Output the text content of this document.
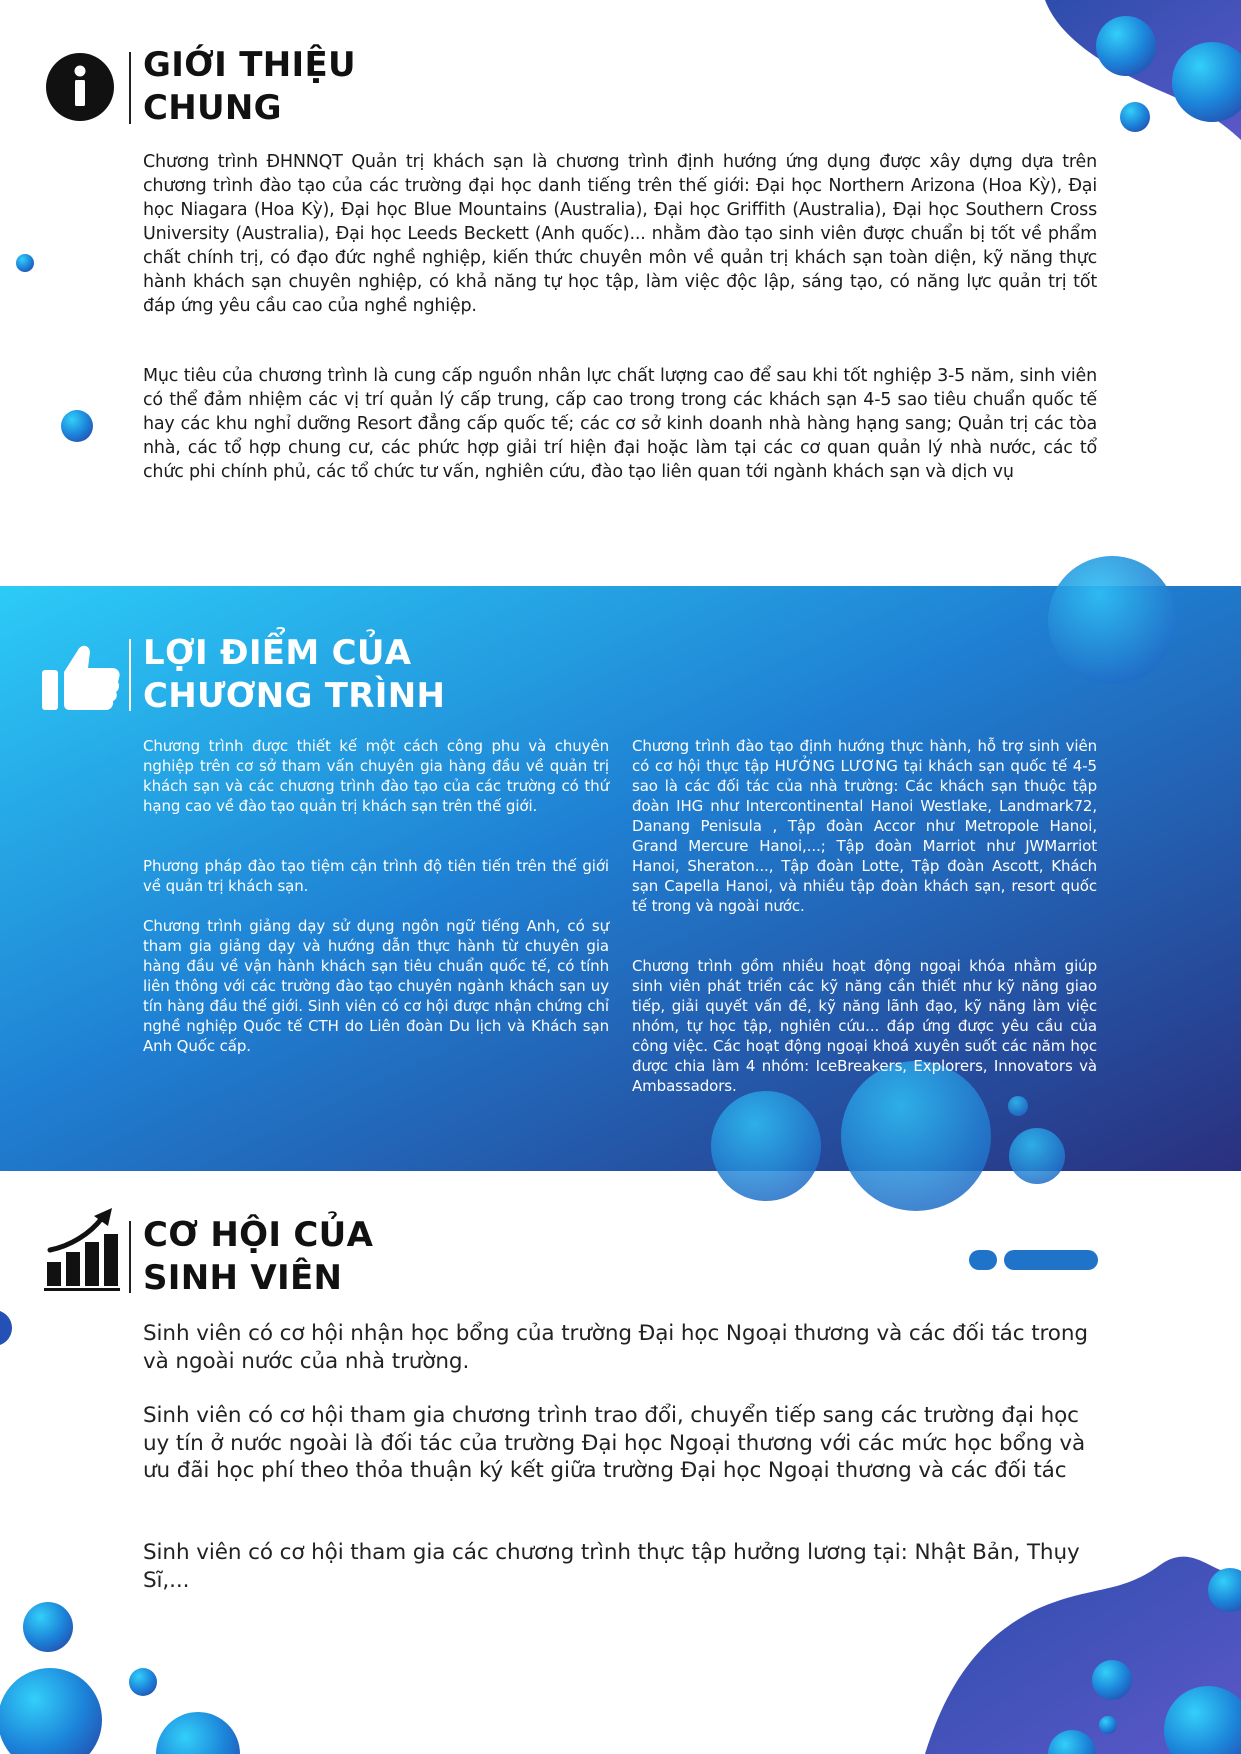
GIỚI THIỆU
CHUNG

Chương trình ĐHNNQT Quản trị khách sạn là chương trình định hướng ứng dụng được xây dựng dựa trên chương trình đào tạo của các trường đại học danh tiếng trên thế giới: Đại học Northern Arizona (Hoa Kỳ), Đại học Niagara (Hoa Kỳ), Đại học Blue Mountains (Australia), Đại học Griffith (Australia), Đại học Southern Cross University (Australia), Đại học Leeds Beckett (Anh quốc)... nhằm đào tạo sinh viên được chuẩn bị tốt về phẩm chất chính trị, có đạo đức nghề nghiệp, kiến thức chuyên môn về quản trị khách sạn toàn diện, kỹ năng thực hành khách sạn chuyên nghiệp, có khả năng tự học tập, làm việc độc lập, sáng tạo, có năng lực quản trị tốt đáp ứng yêu cầu cao của nghề nghiệp.

Mục tiêu của chương trình là cung cấp nguồn nhân lực chất lượng cao để sau khi tốt nghiệp 3-5 năm, sinh viên có thể đảm nhiệm các vị trí quản lý cấp trung, cấp cao trong trong các khách sạn 4-5 sao tiêu chuẩn quốc tế hay các khu nghỉ dưỡng Resort đẳng cấp quốc tế; các cơ sở kinh doanh nhà hàng hạng sang; Quản trị các tòa nhà, các tổ hợp chung cư, các phức hợp giải trí hiện đại hoặc làm tại các cơ quan quản lý nhà nước, các tổ chức phi chính phủ, các tổ chức tư vấn, nghiên cứu, đào tạo liên quan tới ngành khách sạn và dịch vụ

LỢI ĐIỂM CỦA
CHƯƠNG TRÌNH

Chương trình được thiết kế một cách công phu và chuyên nghiệp trên cơ sở tham vấn chuyên gia hàng đầu về quản trị khách sạn và các chương trình đào tạo của các trường có thứ hạng cao về đào tạo quản trị khách sạn trên thế giới.

Phương pháp đào tạo tiệm cận trình độ tiên tiến trên thế giới về quản trị khách sạn.

Chương trình giảng dạy sử dụng ngôn ngữ tiếng Anh, có sự tham gia giảng dạy và hướng dẫn thực hành từ chuyên gia hàng đầu về vận hành khách sạn tiêu chuẩn quốc tế, có tính liên thông với các trường đào tạo chuyên ngành khách sạn uy tín hàng đầu thế giới. Sinh viên có cơ hội được nhận chứng chỉ nghề nghiệp Quốc tế CTH do Liên đoàn Du lịch và Khách sạn Anh Quốc cấp.

Chương trình đào tạo định hướng thực hành, hỗ trợ sinh viên có cơ hội thực tập HƯỞNG LƯƠNG tại khách sạn quốc tế 4-5 sao là các đối tác của nhà trường: Các khách sạn thuộc tập đoàn IHG như Intercontinental Hanoi Westlake, Landmark72, Danang Penisula , Tập đoàn Accor như Metropole Hanoi, Grand Mercure Hanoi,...; Tập đoàn Marriot như JWMarriot Hanoi, Sheraton..., Tập đoàn Lotte, Tập đoàn Ascott, Khách sạn Capella Hanoi, và nhiều tập đoàn khách sạn, resort quốc tế trong và ngoài nước.

Chương trình gồm nhiều hoạt động ngoại khóa nhằm giúp sinh viên phát triển các kỹ năng cần thiết như kỹ năng giao tiếp, giải quyết vấn đề, kỹ năng lãnh đạo, kỹ năng làm việc nhóm, tự học tập, nghiên cứu... đáp ứng được yêu cầu của công việc. Các hoạt động ngoại khoá xuyên suốt các năm học được chia làm 4 nhóm: IceBreakers, Explorers, Innovators và Ambassadors.

CƠ HỘI CỦA
SINH VIÊN

Sinh viên có cơ hội nhận học bổng của trường Đại học Ngoại thương và các đối tác trong và ngoài nước của nhà trường.

Sinh viên có cơ hội tham gia chương trình trao đổi, chuyển tiếp sang các trường đại học uy tín ở nước ngoài là đối tác của trường Đại học Ngoại thương với các mức học bổng và ưu đãi học phí theo thỏa thuận ký kết giữa trường Đại học Ngoại thương và các đối tác

Sinh viên có cơ hội tham gia các chương trình thực tập hưởng lương tại: Nhật Bản, Thụy Sĩ,...
